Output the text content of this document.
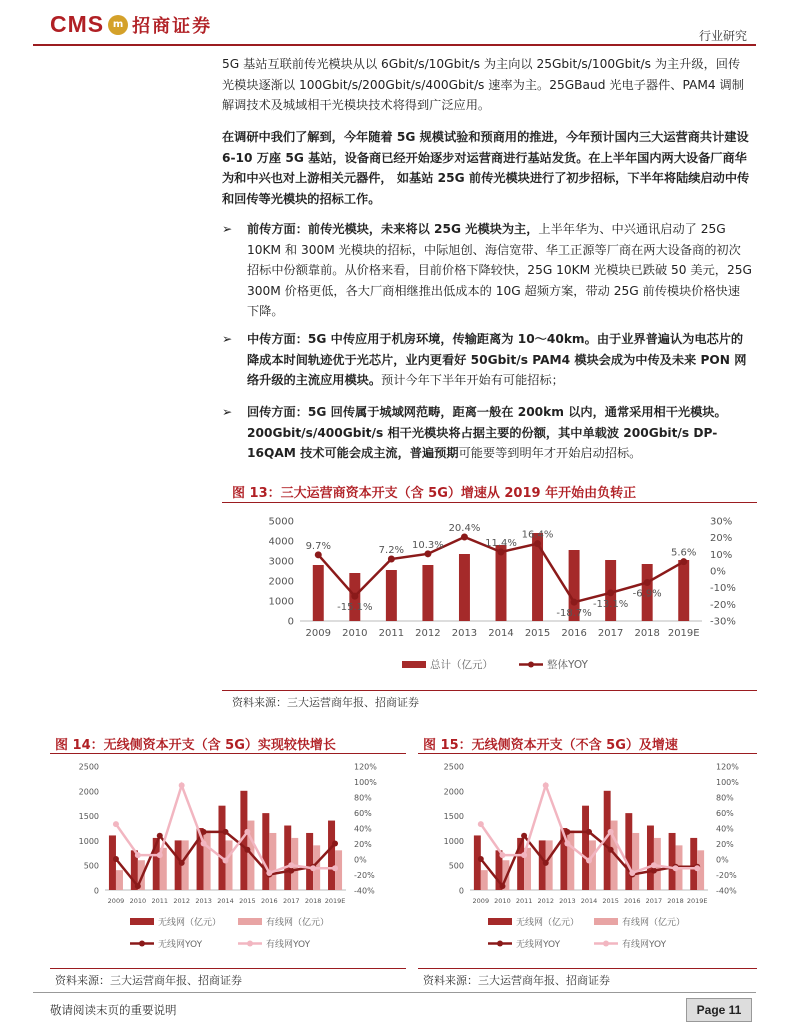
CMS m 招商证券	行业研究
5G 基站互联前传光模块从以 6Gbit/s/10Gbit/s 为主向以 25Gbit/s/100Gbit/s 为主升级，回传光模块逐渐以 100Gbit/s/200Gbit/s/400Gbit/s 速率为主。25GBaud 光电子器件、PAM4 调制解调技术及城域相干光模块技术将得到广泛应用。
在调研中我们了解到，今年随着 5G 规模试验和预商用的推进，今年预计国内三大运营商共计建设 6-10 万座 5G 基站，设备商已经开始逐步对运营商进行基站发货。在上半年国内两大设备厂商华为和中兴也对上游相关元器件， 如基站 25G 前传光模块进行了初步招标，下半年将陆续启动中传和回传等光模块的招标工作。
➢	前传方面：前传光模块，未来将以 25G 光模块为主，上半年华为、中兴通讯启动了 25G 10KM 和 300M 光模块的招标，中际旭创、海信宽带、华工正源等厂商在两大设备商的初次招标中份额靠前。从价格来看，目前价格下降较快，25G 10KM 光模块已跌破 50 美元，25G 300M 价格更低，各大厂商相继推出低成本的 10G 超频方案，带动 25G 前传模块价格快速下降。
➢	中传方面：5G 中传应用于机房环境，传输距离为 10～40km。由于业界普遍认为电芯片的降成本时间轨迹优于光芯片，业内更看好 50Gbit/s PAM4 模块会成为中传及未来 PON 网络升级的主流应用模块。预计今年下半年开始有可能招标；
➢	回传方面：5G 回传属于城域网范畴，距离一般在 200km 以内，通常采用相干光模块。200Gbit/s/400Gbit/s 相干光模块将占据主要的份额，其中单载波 200Gbit/s DP-16QAM 技术可能会成主流，普遍预期可能要等到明年才开始启动招标。
图 13：三大运营商资本开支（含 5G）增速从 2019 年开始由负转正
0
1000
2000
3000
4000
5000
-30%
-20%
-10%
0%
10%
20%
30%
2009 2010 2011 2012 2013 2014 2015 2016 2017 2018 2019E
9.7%
-15.1%
7.2% 10.3%
20.4%
11.4%
16.4%
-18.7%
-13.1%
-6.9%
5.6%
总计（亿元）	整体YOY
资料来源：三大运营商年报、招商证券
图 14：无线侧资本开支（含 5G）实现较快增长
0
500
1000
1500
2000
2500
-40%
-20%
0%
20%
40%
60%
80%
100%
120%
2009 2010 2011 2012 2013 2014 2015 2016 2017 2018 2019E
无线网（亿元）	有线网（亿元）
无线网YOY	有线网YOY
资料来源：三大运营商年报、招商证券
图 15：无线侧资本开支（不含 5G）及增速
0
500
1000
1500
2000
2500
-40%
-20%
0%
20%
40%
60%
80%
100%
120%
2009 2010 2011 2012 2013 2014 2015 2016 2017 2018 2019E
无线网（亿元）	有线网（亿元）
无线网YOY	有线网YOY
资料来源：三大运营商年报、招商证券
敬请阅读末页的重要说明	Page 11
